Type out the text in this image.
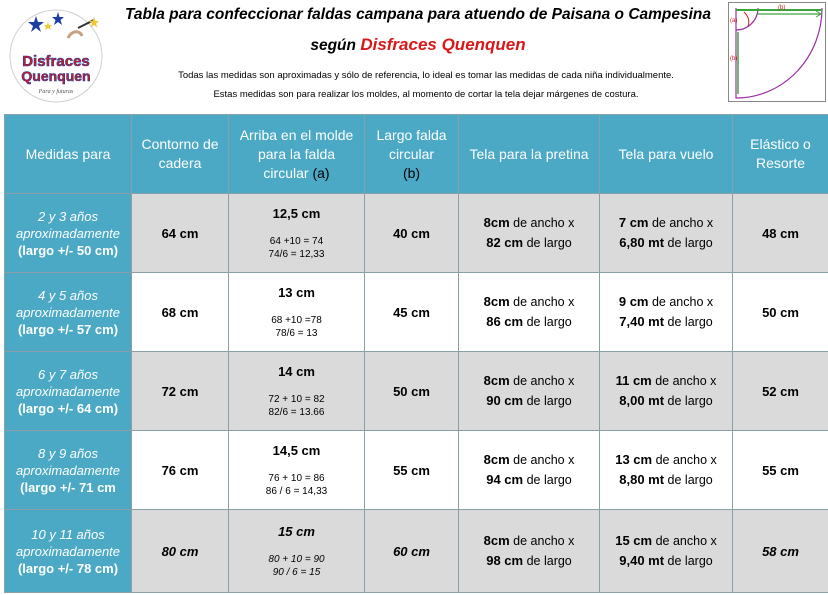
Disfraces
Quenquen
Para y futuras
Tabla para confeccionar faldas campana para atuendo de Paisana o Campesina
según Disfraces Quenquen
Todas las medidas son aproximadas y sólo de referencia, lo ideal es tomar las medidas de cada niña individualmente.
Estas medidas son para realizar los moldes, al momento de cortar la tela dejar márgenes de costura.
(a)
(b)
(b)
Medidas para	Contorno de
cadera	Arriba en el molde
para la falda
circular (a)	Largo falda
circular
(b)	Tela para la pretina	Tela para vuelo	Elástico o
Resorte

2 y 3 años
aproximadamente
(largo +/- 50 cm)	64 cm	12,5 cm
64 +10 = 74
74/6 = 12,33	40 cm	8cm de ancho x
82 cm de largo	7 cm de ancho x
6,80 mt de largo	48 cm

4 y 5 años
aproximadamente
(largo +/- 57 cm)	68 cm	13 cm
68 +10 =78
78/6 = 13	45 cm	8cm de ancho x
86 cm de largo	9 cm de ancho x
7,40 mt de largo	50 cm

6 y 7 años
aproximadamente
(largo +/- 64 cm)	72 cm	14 cm
72 + 10 = 82
82/6 = 13.66	50 cm	8cm de ancho x
90 cm de largo	11 cm de ancho x
8,00 mt de largo	52 cm

8 y 9 años
aproximadamente
(largo +/- 71 cm	76 cm	14,5 cm
76 + 10 = 86
86 / 6 = 14,33	55 cm	8cm de ancho x
94 cm de largo	13 cm de ancho x
8,80 mt de largo	55 cm

10 y 11 años
aproximadamente
(largo +/- 78 cm)	80 cm	15 cm
80 + 10 = 90
90 / 6 = 15	60 cm	8cm de ancho x
98 cm de largo	15 cm de ancho x
9,40 mt de largo	58 cm
